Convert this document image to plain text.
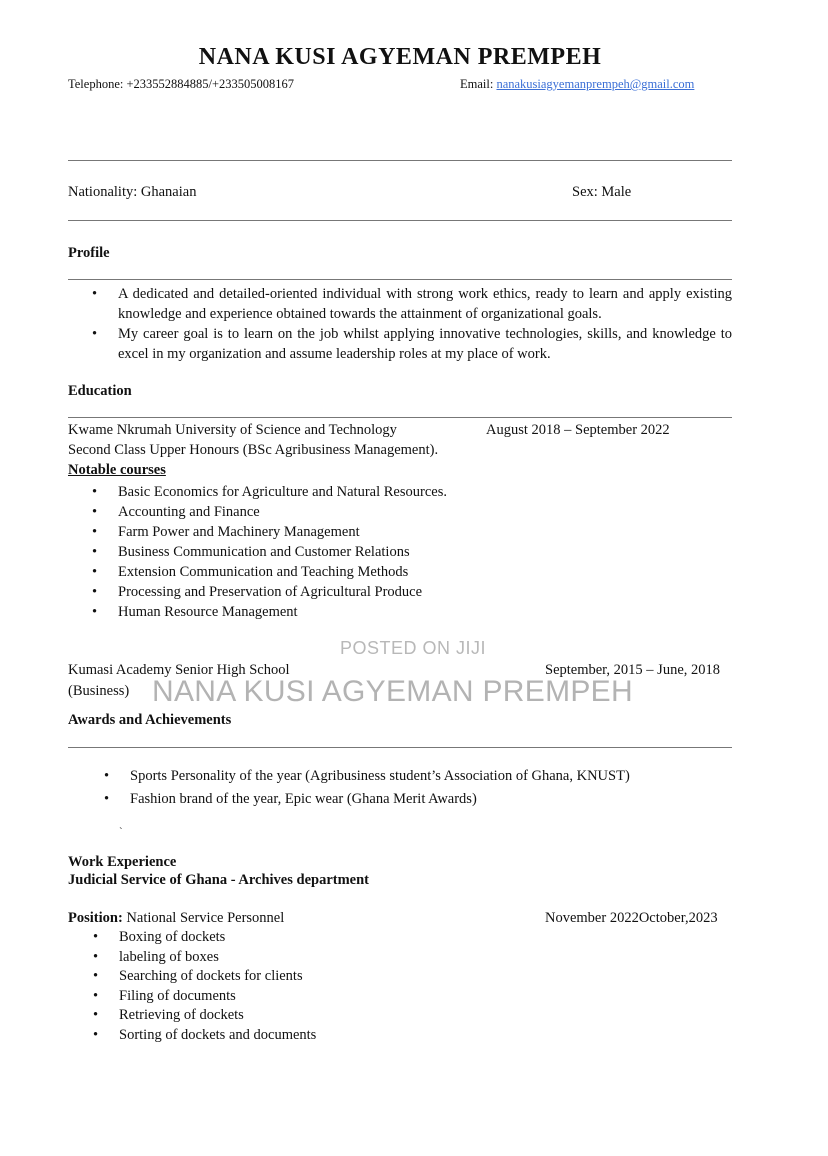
NANA KUSI AGYEMAN PREMPEH
Telephone: +233552884885/+233505008167	Email: nanakusiagyemanprempeh@gmail.com
Nationality: Ghanaian	Sex: Male
Profile
• A dedicated and detailed-oriented individual with strong work ethics, ready to learn and apply existing knowledge and experience obtained towards the attainment of organizational goals.
• My career goal is to learn on the job whilst applying innovative technologies, skills, and knowledge to excel in my organization and assume leadership roles at my place of work.
Education
Kwame Nkrumah University of Science and Technology	August 2018 – September 2022
Second Class Upper Honours (BSc Agribusiness Management).
Notable courses
• Basic Economics for Agriculture and Natural Resources.
• Accounting and Finance
• Farm Power and Machinery Management
• Business Communication and Customer Relations
• Extension Communication and Teaching Methods
• Processing and Preservation of Agricultural Produce
• Human Resource Management
POSTED ON JIJI
Kumasi Academy Senior High School	September, 2015 – June, 2018
(Business) NANA KUSI AGYEMAN PREMPEH
Awards and Achievements
• Sports Personality of the year (Agribusiness student’s Association of Ghana, KNUST)
• Fashion brand of the year, Epic wear (Ghana Merit Awards)
`
Work Experience
Judicial Service of Ghana - Archives department
Position: National Service Personnel	November 2022October,2023
• Boxing of dockets
• labeling of boxes
• Searching of dockets for clients
• Filing of documents
• Retrieving of dockets
• Sorting of dockets and documents
